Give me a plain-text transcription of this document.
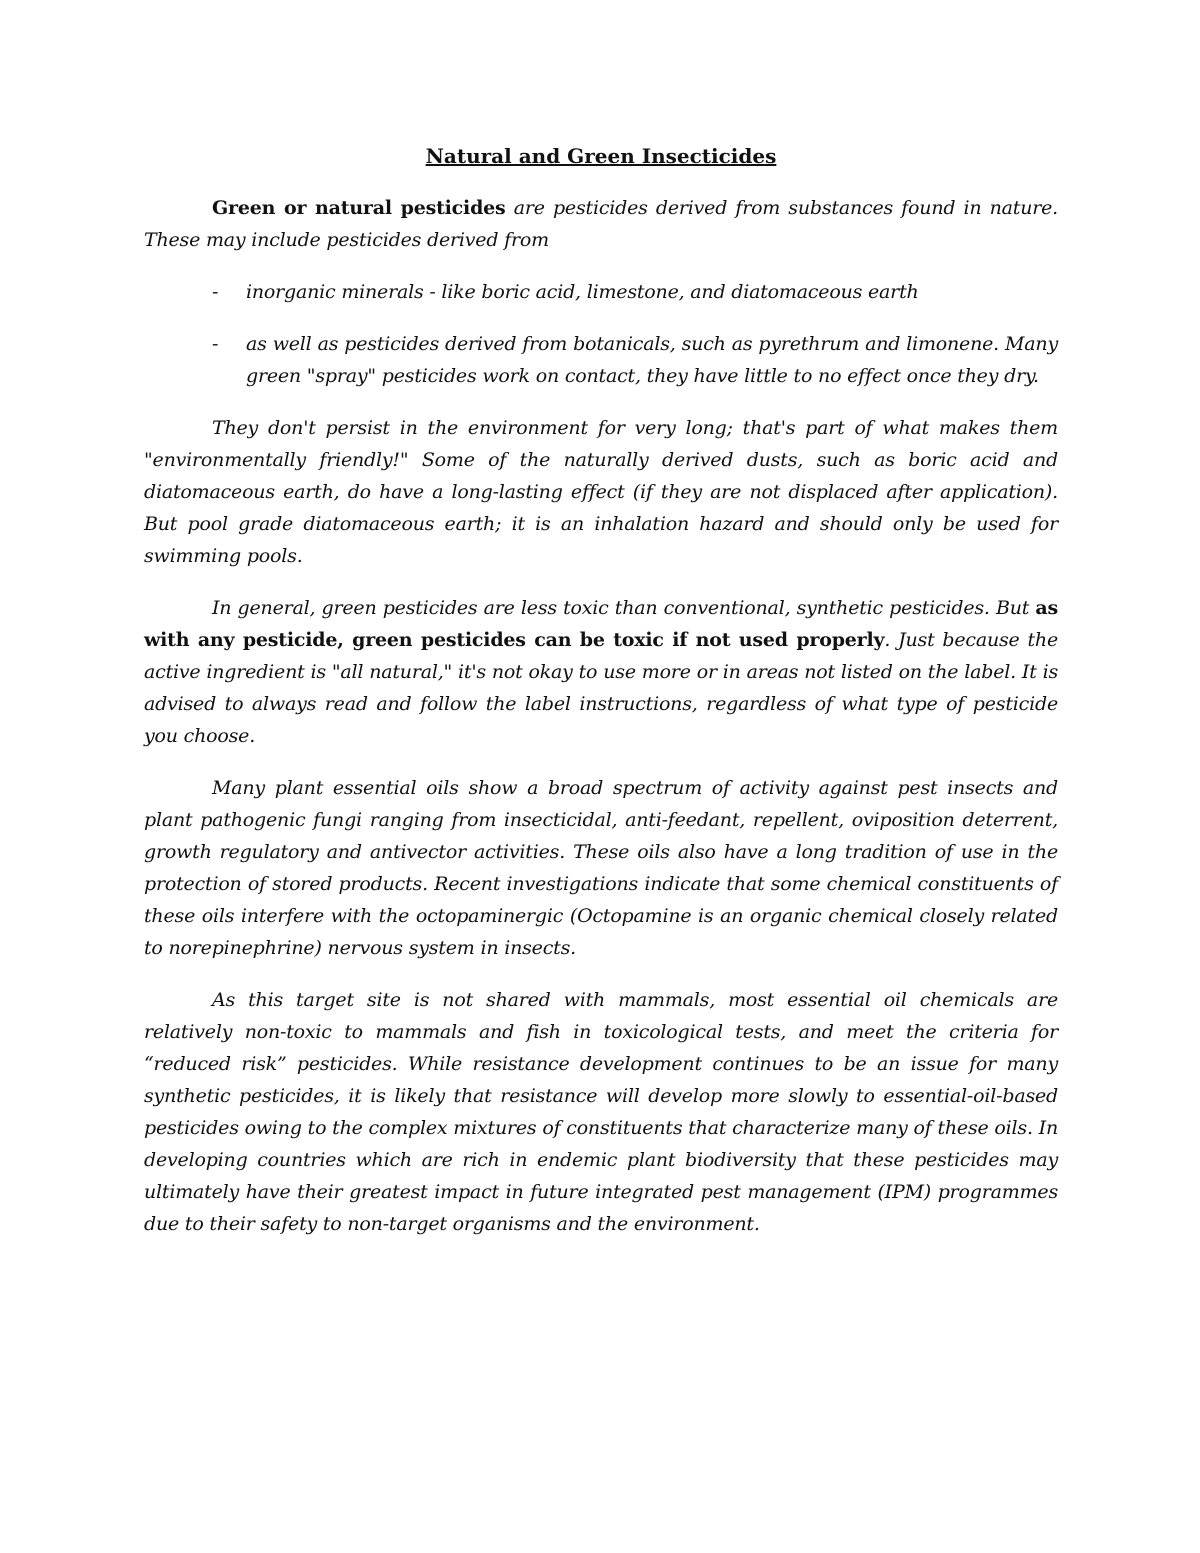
Natural and Green Insecticides

Green or natural pesticides are pesticides derived from substances found in nature. These may include pesticides derived from

- inorganic minerals - like boric acid, limestone, and diatomaceous earth
- as well as pesticides derived from botanicals, such as pyrethrum and limonene. Many green "spray" pesticides work on contact, they have little to no effect once they dry.

They don't persist in the environment for very long; that's part of what makes them "environmentally friendly!" Some of the naturally derived dusts, such as boric acid and diatomaceous earth, do have a long-lasting effect (if they are not displaced after application). But pool grade diatomaceous earth; it is an inhalation hazard and should only be used for swimming pools.

In general, green pesticides are less toxic than conventional, synthetic pesticides. But as with any pesticide, green pesticides can be toxic if not used properly. Just because the active ingredient is "all natural," it's not okay to use more or in areas not listed on the label. It is advised to always read and follow the label instructions, regardless of what type of pesticide you choose.

Many plant essential oils show a broad spectrum of activity against pest insects and plant pathogenic fungi ranging from insecticidal, anti-feedant, repellent, oviposition deterrent, growth regulatory and antivector activities. These oils also have a long tradition of use in the protection of stored products. Recent investigations indicate that some chemical constituents of these oils interfere with the octopaminergic (Octopamine is an organic chemical closely related to norepinephrine) nervous system in insects.

As this target site is not shared with mammals, most essential oil chemicals are relatively non-toxic to mammals and fish in toxicological tests, and meet the criteria for “reduced risk” pesticides. While resistance development continues to be an issue for many synthetic pesticides, it is likely that resistance will develop more slowly to essential-oil-based pesticides owing to the complex mixtures of constituents that characterize many of these oils. In developing countries which are rich in endemic plant biodiversity that these pesticides may ultimately have their greatest impact in future integrated pest management (IPM) programmes due to their safety to non-target organisms and the environment.
